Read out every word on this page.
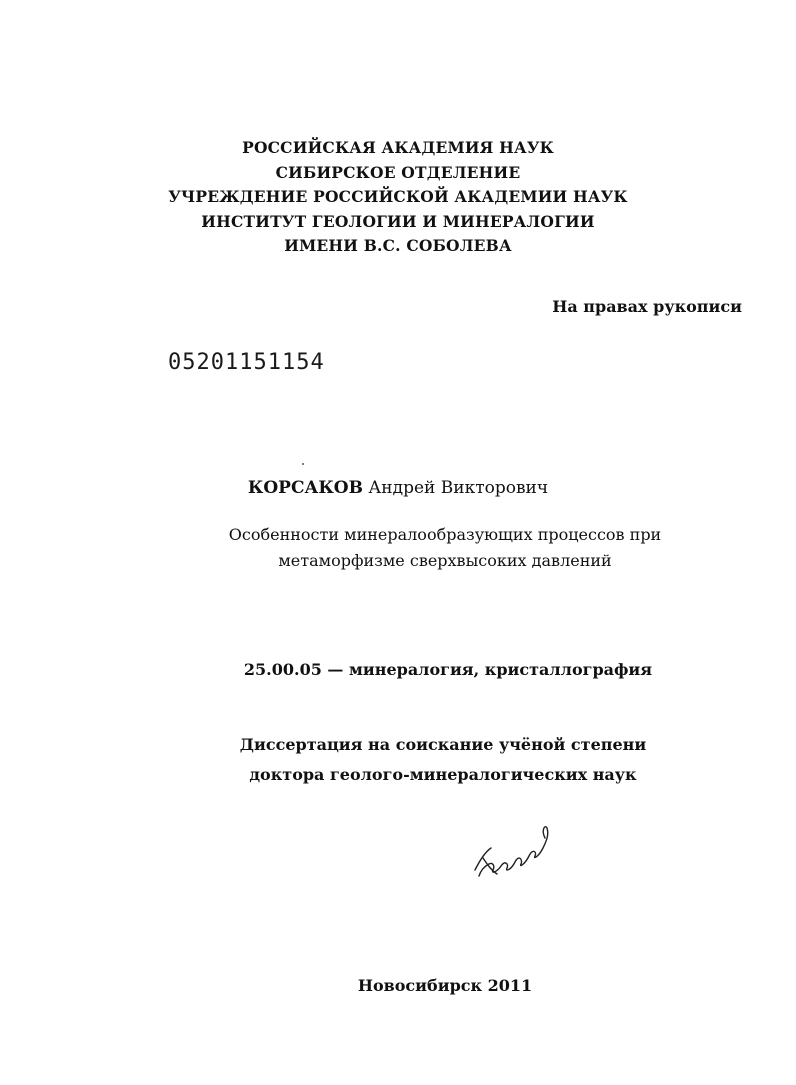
РОССИЙСКАЯ АКАДЕМИЯ НАУК
СИБИРСКОЕ ОТДЕЛЕНИЕ
УЧРЕЖДЕНИЕ РОССИЙСКОЙ АКАДЕМИИ НАУК
ИНСТИТУТ ГЕОЛОГИИ И МИНЕРАЛОГИИ
ИМЕНИ В.С. СОБОЛЕВА
На правах рукописи
05201151154
КОРСАКОВ Андрей Викторович
Особенности минералообразующих процессов при
метаморфизме сверхвысоких давлений
25.00.05 — минералогия, кристаллография
Диссертация на соискание учёной степени
доктора геолого-минералогических наук
Новосибирск 2011
